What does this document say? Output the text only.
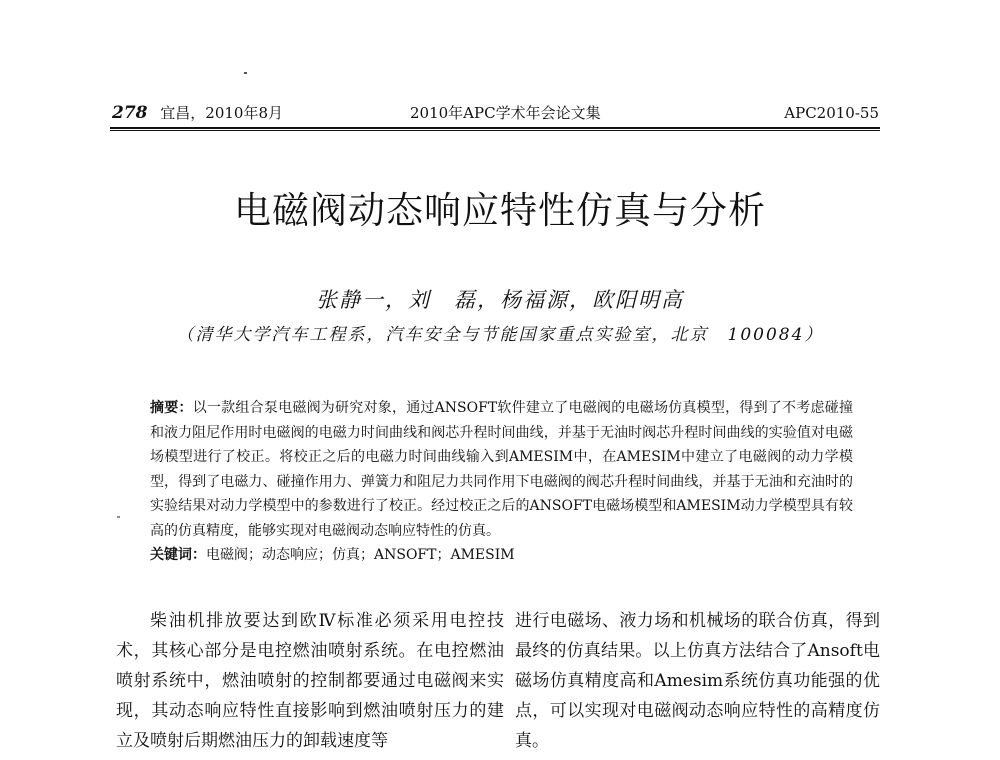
278 宜昌，2010年8月	2010年APC学术年会论文集	APC2010-55
电磁阀动态响应特性仿真与分析
张静一，刘　磊，杨福源，欧阳明高
（清华大学汽车工程系，汽车安全与节能国家重点实验室，北京　100084）

摘要：以一款组合泵电磁阀为研究对象，通过ANSOFT软件建立了电磁阀的电磁场仿真模型，得到了不考虑碰撞和液力阻尼作用时电磁阀的电磁力时间曲线和阀芯升程时间曲线，并基于无油时阀芯升程时间曲线的实验值对电磁场模型进行了校正。将校正之后的电磁力时间曲线输入到AMESIM中，在AMESIM中建立了电磁阀的动力学模型，得到了电磁力、碰撞作用力、弹簧力和阻尼力共同作用下电磁阀的阀芯升程时间曲线，并基于无油和充油时的实验结果对动力学模型中的参数进行了校正。经过校正之后的ANSOFT电磁场模型和AMESIM动力学模型具有较高的仿真精度，能够实现对电磁阀动态响应特性的仿真。

关键词：电磁阀；动态响应；仿真；ANSOFT；AMESIM

柴油机排放要达到欧Ⅳ标准必须采用电控技术，其核心部分是电控燃油喷射系统。在电控燃油喷射系统中，燃油喷射的控制都要通过电磁阀来实现，其动态响应特性直接影响到燃油喷射压力的建立及喷射后期燃油压力的卸载速度等

进行电磁场、液力场和机械场的联合仿真，得到最终的仿真结果。以上仿真方法结合了Ansoft电磁场仿真精度高和Amesim系统仿真功能强的优点，可以实现对电磁阀动态响应特性的高精度仿真。
